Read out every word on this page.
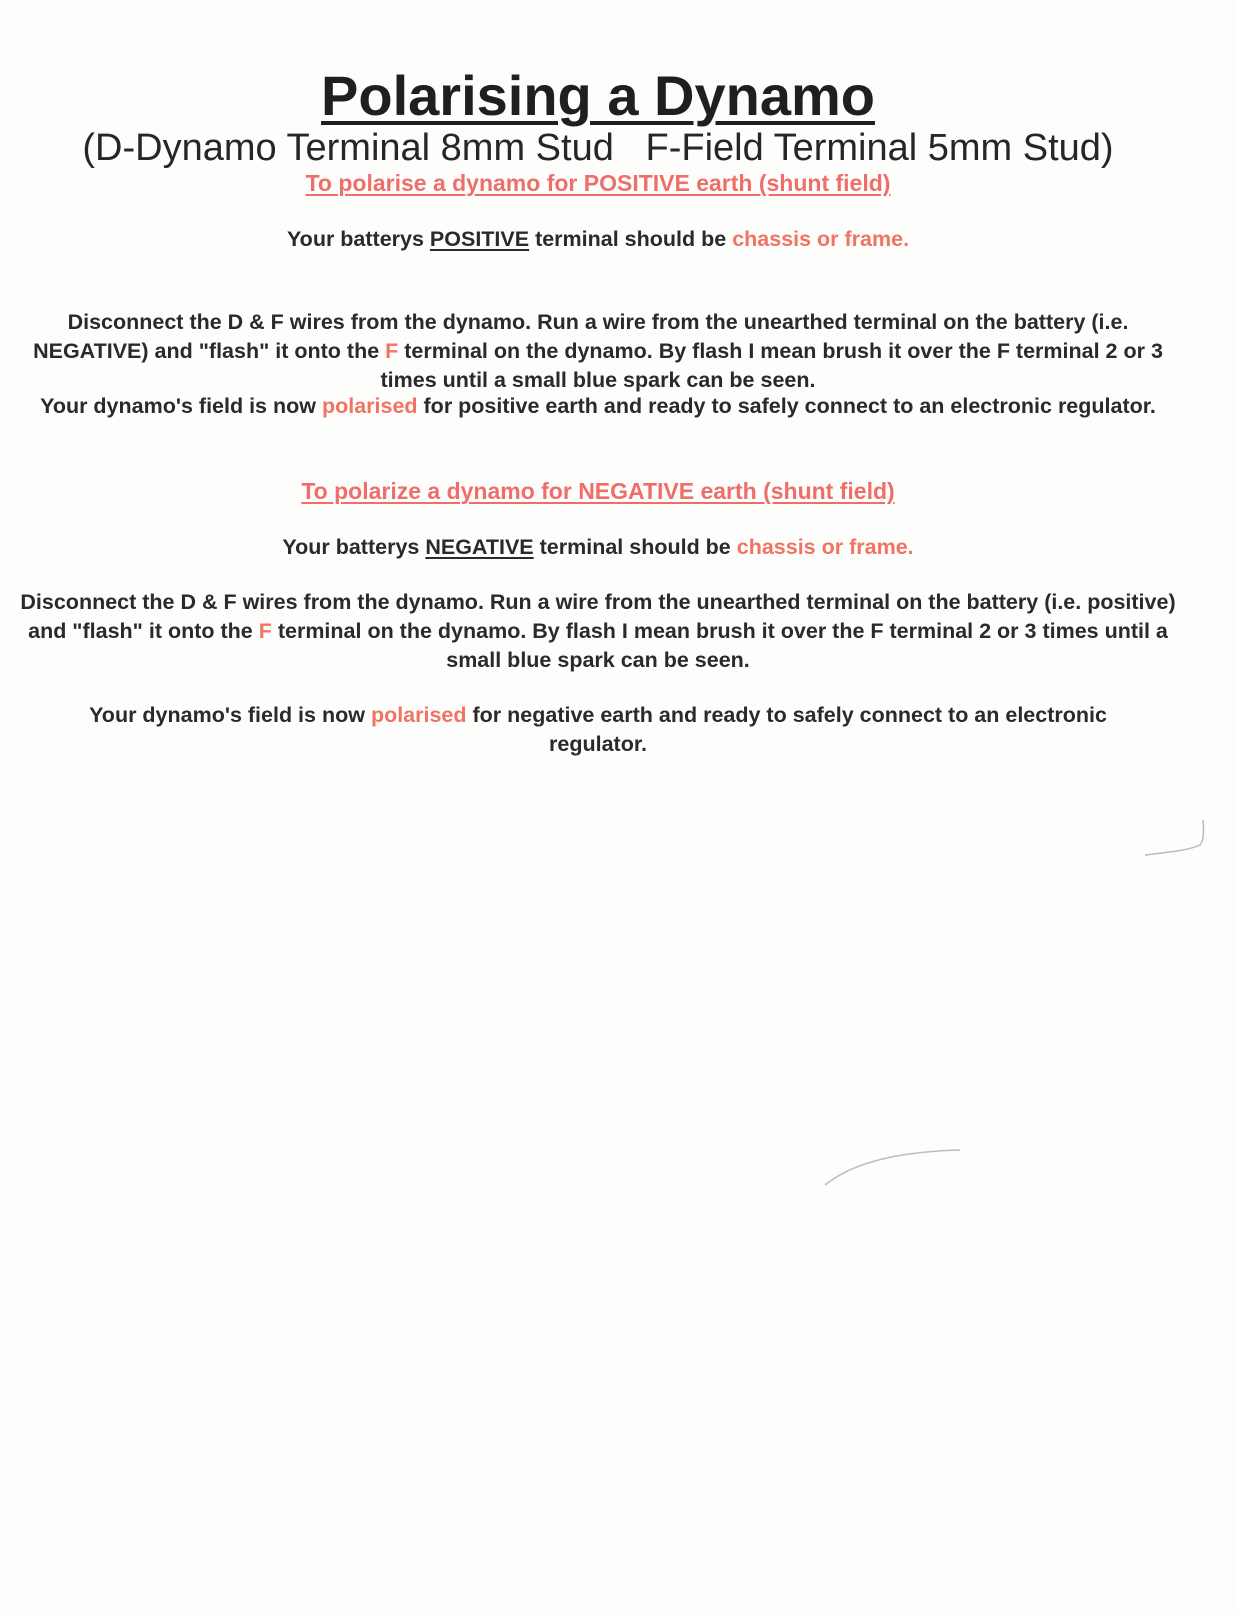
Polarising a Dynamo
(D-Dynamo Terminal 8mm Stud   F-Field Terminal 5mm Stud)
To polarise a dynamo for POSITIVE earth (shunt field)
Your batterys POSITIVE terminal should be chassis or frame.
Disconnect the D & F wires from the dynamo. Run a wire from the unearthed terminal on the battery (i.e. NEGATIVE) and "flash" it onto the F terminal on the dynamo. By flash I mean brush it over the F terminal 2 or 3 times until a small blue spark can be seen.
Your dynamo's field is now polarised for positive earth and ready to safely connect to an electronic regulator.
To polarize a dynamo for NEGATIVE earth (shunt field)
Your batterys NEGATIVE terminal should be chassis or frame.
Disconnect the D & F wires from the dynamo. Run a wire from the unearthed terminal on the battery (i.e. positive) and "flash" it onto the F terminal on the dynamo. By flash I mean brush it over the F terminal 2 or 3 times until a small blue spark can be seen.
Your dynamo's field is now polarised for negative earth and ready to safely connect to an electronic regulator.
